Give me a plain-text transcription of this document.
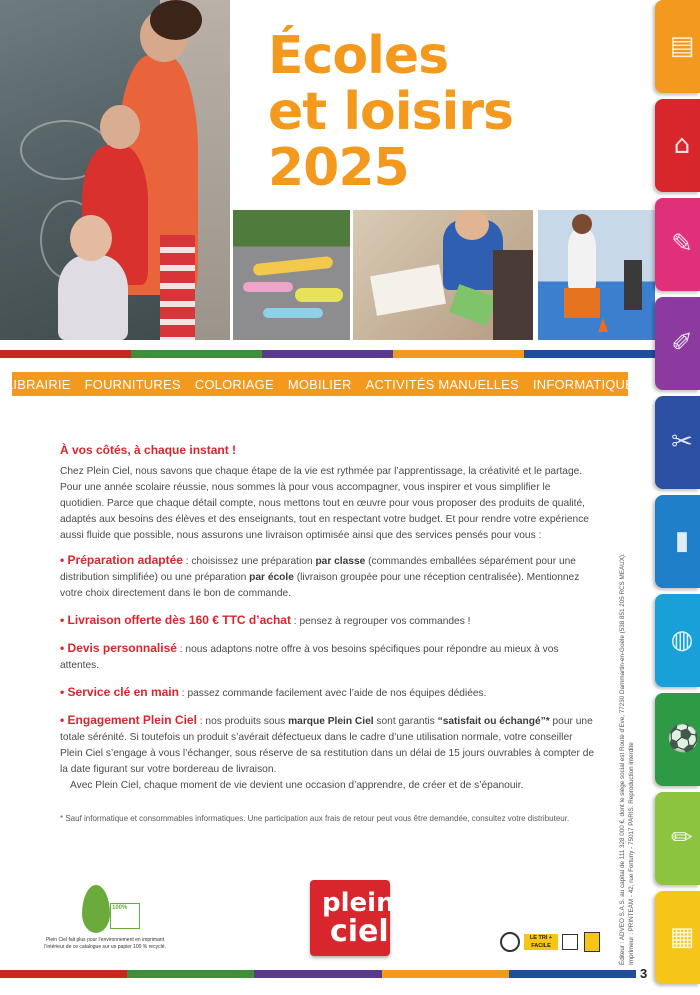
Écoles
et loisirs
2025
LIBRAIRIE FOURNITURES COLORIAGE MOBILIER ACTIVITÉS MANUELLES INFORMATIQUE
À vos côtés, à chaque instant !
Chez Plein Ciel, nous savons que chaque étape de la vie est rythmée par l’apprentissage, la créativité et le partage. Pour une année scolaire réussie, nous sommes là pour vous accompagner, vous inspirer et vous simplifier le quotidien. Parce que chaque détail compte, nous mettons tout en œuvre pour vous proposer des produits de qualité, adaptés aux besoins des élèves et des enseignants, tout en respectant votre budget. Et pour rendre votre expérience aussi fluide que possible, nous assurons une livraison optimisée ainsi que des services pensés pour vous :
• Préparation adaptée : choisissez une préparation par classe (commandes emballées séparément pour une distribution simplifiée) ou une préparation par école (livraison groupée pour une réception centralisée). Mentionnez votre choix directement dans le bon de commande.
• Livraison offerte dès 160 € TTC d’achat : pensez à regrouper vos commandes !
• Devis personnalisé : nous adaptons notre offre à vos besoins spécifiques pour répondre au mieux à vos attentes.
• Service clé en main : passez commande facilement avec l’aide de nos équipes dédiées.
• Engagement Plein Ciel : nos produits sous marque Plein Ciel sont garantis “satisfait ou échangé”* pour une totale sérénité. Si toutefois un produit s’avérait défectueux dans le cadre d’une utilisation normale, votre conseiller Plein Ciel s’engage à vous l’échanger, sous réserve de sa restitution dans un délai de 15 jours ouvrables à compter de la date figurant sur votre bordereau de livraison.
Avec Plein Ciel, chaque moment de vie devient une occasion d’apprendre, de créer et de s’épanouir.
* Sauf informatique et consommables informatiques. Une participation aux frais de retour peut vous être demandée, consultez votre distributeur.	Éditeur : ADVEO S.A.S. au capital de 111 328 000 €, dont le siège social est Route d’Eve, 77230 Dammartin-en-Goële (538 851 205 RCS MEAUX). Imprimeur : PRINTEAM - 42, rue Fortuny - 75017 PARIS. Reproduction interdite
▤
⌂
✎
✐
✂
▮
◍
⚽
✏
▦
100%
Plein Ciel fait plus pour l’environnement en imprimant l’intérieur de ce catalogue sur un papier 100 % recyclé.
plein
ciel	LE TRI + FACILE
3
